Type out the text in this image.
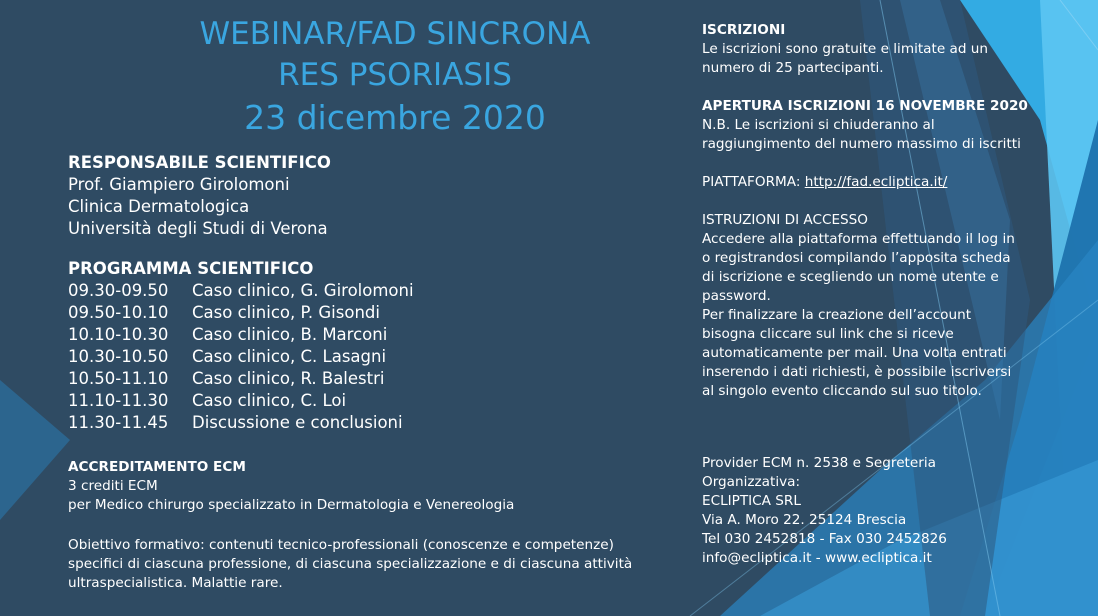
WEBINAR/FAD SINCRONA
RES PSORIASIS
23 dicembre 2020
RESPONSABILE SCIENTIFICO
Prof. Giampiero Girolomoni
Clinica Dermatologica
Università degli Studi di Verona
PROGRAMMA SCIENTIFICO
09.30-09.50	Caso clinico, G. Girolomoni
09.50-10.10	Caso clinico, P. Gisondi
10.10-10.30	Caso clinico, B. Marconi
10.30-10.50	Caso clinico, C. Lasagni
10.50-11.10	Caso clinico, R. Balestri
11.10-11.30	Caso clinico, C. Loi
11.30-11.45	Discussione e conclusioni
ACCREDITAMENTO ECM
3 crediti ECM
per Medico chirurgo specializzato in Dermatologia e Venereologia
Obiettivo formativo: contenuti tecnico-professionali (conoscenze e competenze)
specifici di ciascuna professione, di ciascuna specializzazione e di ciascuna attività
ultraspecialistica. Malattie rare.
ISCRIZIONI
Le iscrizioni sono gratuite e limitate ad un
numero di 25 partecipanti.
APERTURA ISCRIZIONI 16 NOVEMBRE 2020
N.B. Le iscrizioni si chiuderanno al
raggiungimento del numero massimo di iscritti
PIATTAFORMA: http://fad.ecliptica.it/
ISTRUZIONI DI ACCESSO
Accedere alla piattaforma effettuando il log in
o registrandosi compilando l’apposita scheda
di iscrizione e scegliendo un nome utente e
password.
Per finalizzare la creazione dell’account
bisogna cliccare sul link che si riceve
automaticamente per mail. Una volta entrati
inserendo i dati richiesti, è possibile iscriversi
al singolo evento cliccando sul suo titolo.
Provider ECM n. 2538 e Segreteria
Organizzativa:
ECLIPTICA SRL
Via A. Moro 22. 25124 Brescia
Tel 030 2452818 - Fax 030 2452826
info@ecliptica.it - www.ecliptica.it
